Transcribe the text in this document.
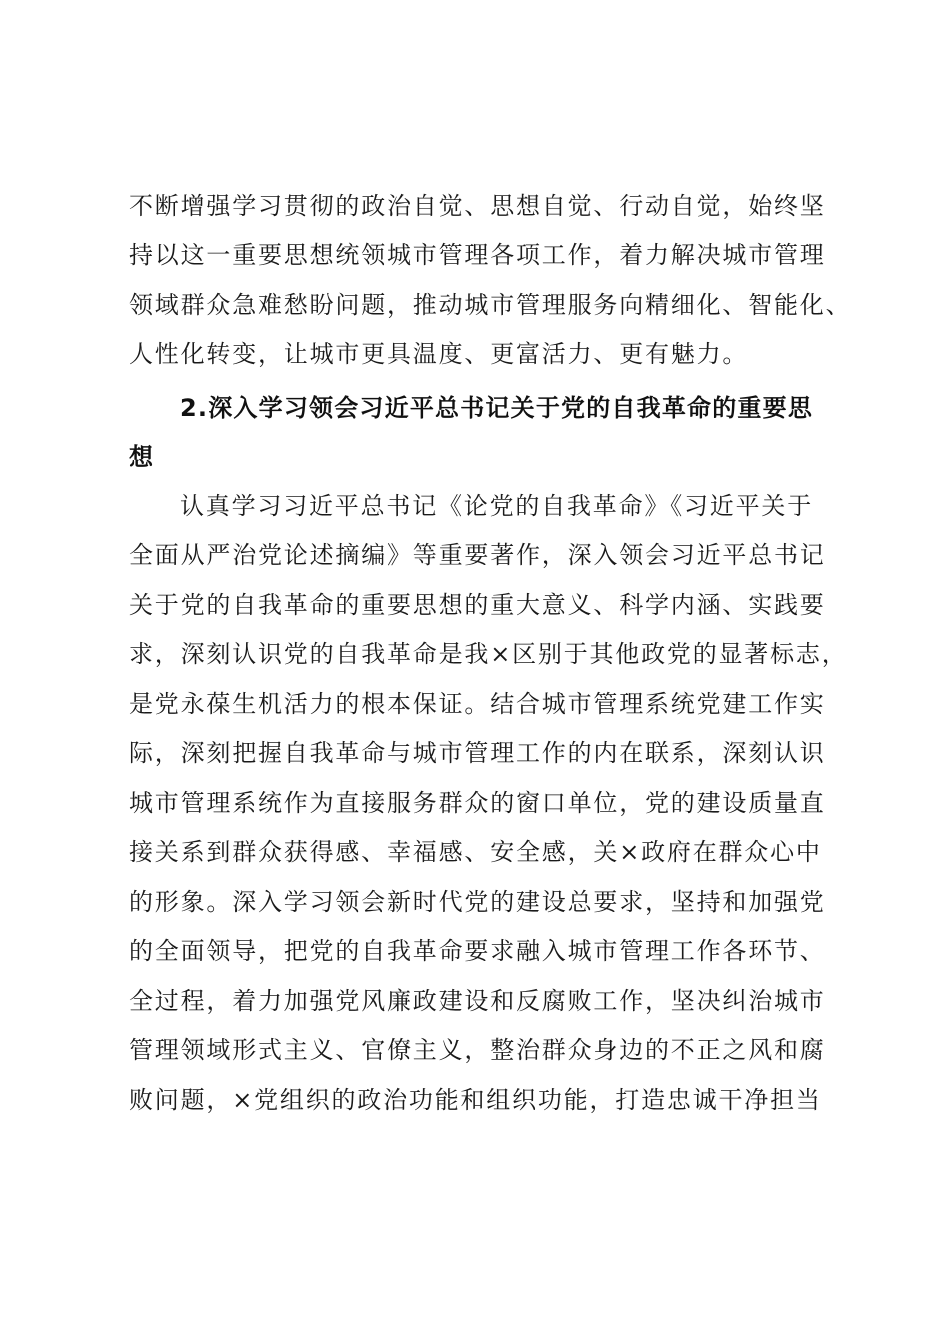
不断增强学习贯彻的政治自觉、思想自觉、行动自觉，始终坚

持以这一重要思想统领城市管理各项工作，着力解决城市管理

领域群众急难愁盼问题，推动城市管理服务向精细化、智能化、

人性化转变，让城市更具温度、更富活力、更有魅力。

2.深入学习领会习近平总书记关于党的自我革命的重要思

想

认真学习习近平总书记《论党的自我革命》《习近平关于

全面从严治党论述摘编》等重要著作，深入领会习近平总书记

关于党的自我革命的重要思想的重大意义、科学内涵、实践要

求，深刻认识党的自我革命是我×区别于其他政党的显著标志，

是党永葆生机活力的根本保证。结合城市管理系统党建工作实

际，深刻把握自我革命与城市管理工作的内在联系，深刻认识

城市管理系统作为直接服务群众的窗口单位，党的建设质量直

接关系到群众获得感、幸福感、安全感，关×政府在群众心中

的形象。深入学习领会新时代党的建设总要求，坚持和加强党

的全面领导，把党的自我革命要求融入城市管理工作各环节、

全过程，着力加强党风廉政建设和反腐败工作，坚决纠治城市

管理领域形式主义、官僚主义，整治群众身边的不正之风和腐

败问题，×党组织的政治功能和组织功能，打造忠诚干净担当
